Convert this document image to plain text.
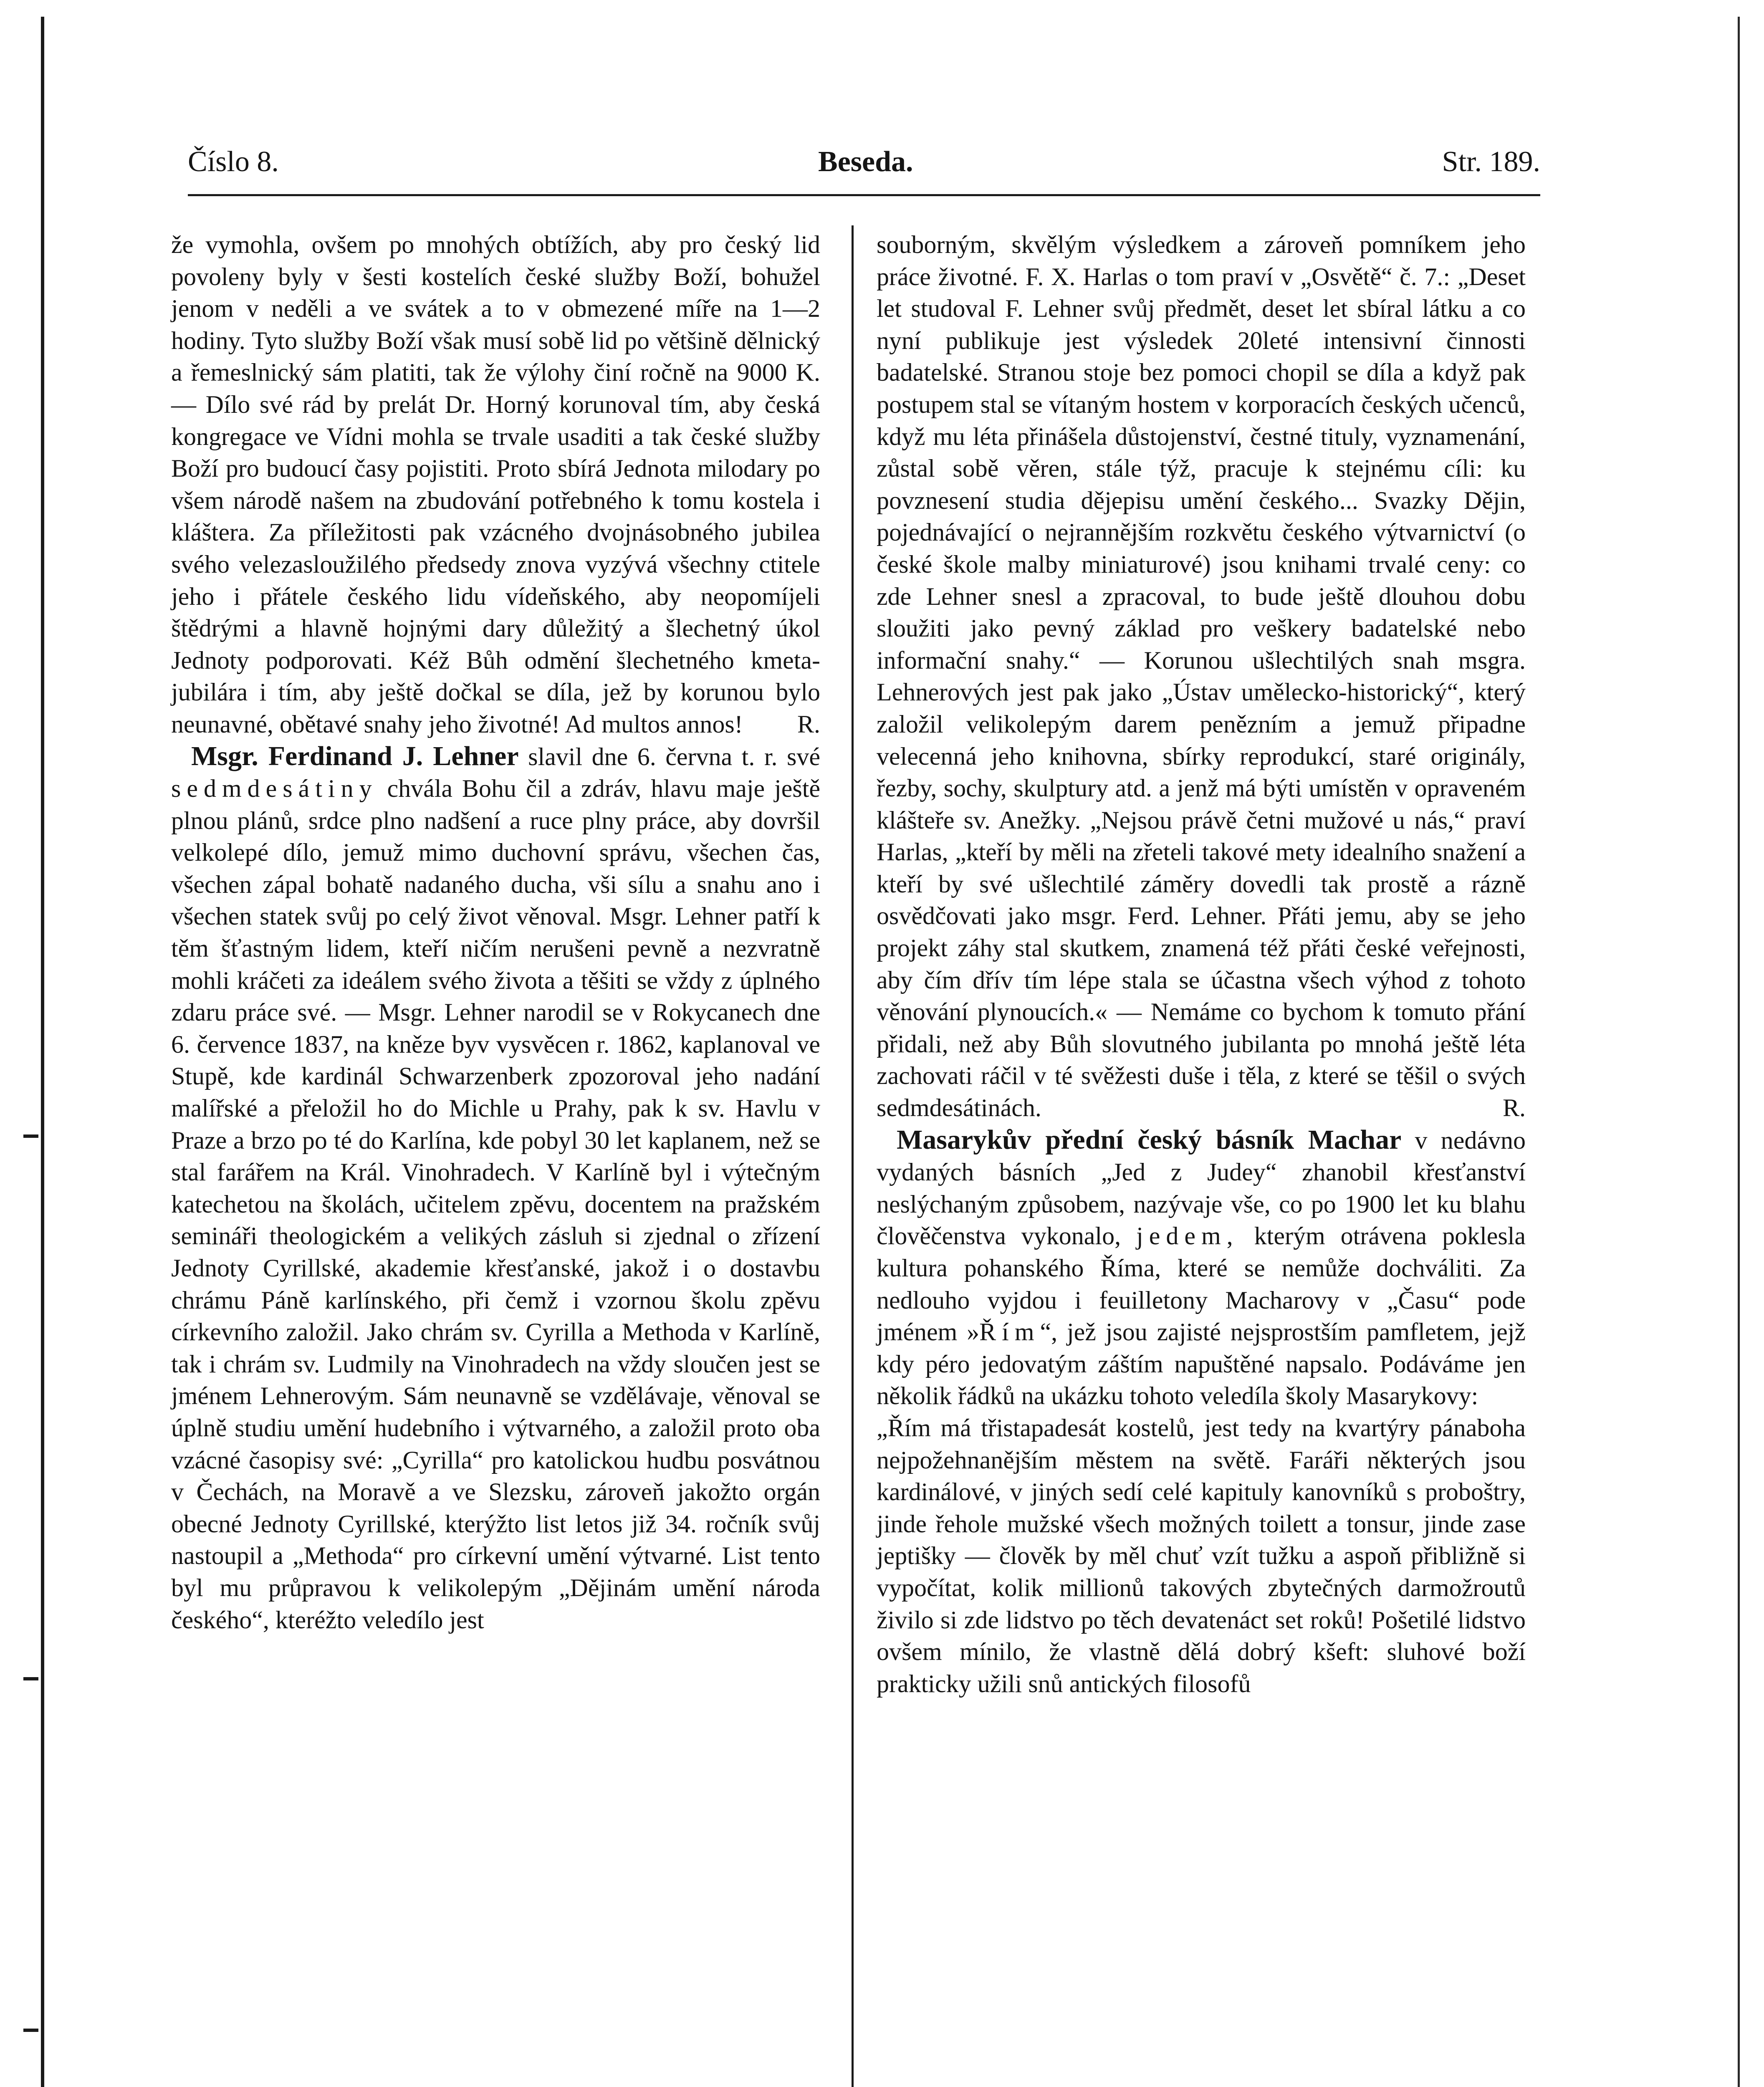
Číslo 8.	Beseda.	Str. 189.

že vymohla, ovšem po mnohých obtížích, aby pro český lid povoleny byly v šesti kostelích české služby Boží, bohužel jenom v neděli a ve svátek a to v obmezené míře na 1—2 hodiny. Tyto služby Boží však musí sobě lid po většině dělnický a řemeslnický sám platiti, tak že výlohy činí ročně na 9000 K. — Dílo své rád by prelát Dr. Horný korunoval tím, aby česká kongregace ve Vídni mohla se trvale usaditi a tak české služby Boží pro budoucí časy pojistiti. Proto sbírá Jednota milodary po všem národě našem na zbudování potřebného k tomu kostela i kláštera. Za příležitosti pak vzácného dvojnásobného jubilea svého velezasloužilého předsedy znova vyzývá všechny ctitele jeho i přátele českého lidu vídeňského, aby neopomíjeli štědrými a hlavně hojnými dary důležitý a šlechetný úkol Jednoty podporovati. Kéž Bůh odmění šlechetného kmeta-jubilára i tím, aby ještě dočkal se díla, jež by korunou bylo neunavné, obětavé snahy jeho životné! Ad multos annos! R.

Msgr. Ferdinand J. Lehner slavil dne 6. června t. r. své sedmdesátiny chvála Bohu čil a zdráv, hlavu maje ještě plnou plánů, srdce plno nadšení a ruce plny práce, aby dovršil velkolepé dílo, jemuž mimo duchovní správu, všechen čas, všechen zápal bohatě nadaného ducha, vši sílu a snahu ano i všechen statek svůj po celý život věnoval. Msgr. Lehner patří k těm šťastným lidem, kteří ničím nerušeni pevně a nezvratně mohli kráčeti za ideálem svého života a těšiti se vždy z úplného zdaru práce své. — Msgr. Lehner narodil se v Rokycanech dne 6. července 1837, na kněze byv vysvěcen r. 1862, kaplanoval ve Stupě, kde kardinál Schwarzenberk zpozoroval jeho nadání malířské a přeložil ho do Michle u Prahy, pak k sv. Havlu v Praze a brzo po té do Karlína, kde pobyl 30 let kaplanem, než se stal farářem na Král. Vinohradech. V Karlíně byl i výtečným katechetou na školách, učitelem zpěvu, docentem na pražském semináři theologickém a velikých zásluh si zjednal o zřízení Jednoty Cyrillské, akademie křesťanské, jakož i o dostavbu chrámu Páně karlínského, při čemž i vzornou školu zpěvu církevního založil. Jako chrám sv. Cyrilla a Methoda v Karlíně, tak i chrám sv. Ludmily na Vinohradech na vždy sloučen jest se jménem Lehnerovým. Sám neunavně se vzdělávaje, věnoval se úplně studiu umění hudebního i výtvarného, a založil proto oba vzácné časopisy své: „Cyrilla“ pro katolickou hudbu posvátnou v Čechách, na Moravě a ve Slezsku, zároveň jakožto orgán obecné Jednoty Cyrillské, kterýžto list letos již 34. ročník svůj nastoupil a „Methoda“ pro církevní umění výtvarné. List tento byl mu průpravou k velikolepým „Dějinám umění národa českého“, kteréžto veledílo jest

souborným, skvělým výsledkem a zároveň pomníkem jeho práce životné. F. X. Harlas o tom praví v „Osvětě“ č. 7.: „Deset let studoval F. Lehner svůj předmět, deset let sbíral látku a co nyní publikuje jest výsledek 20leté intensivní činnosti badatelské. Stranou stoje bez pomoci chopil se díla a když pak postupem stal se vítaným hostem v korporacích českých učenců, když mu léta přinášela důstojenství, čestné tituly, vyznamenání, zůstal sobě věren, stále týž, pracuje k stejnému cíli: ku povznesení studia dějepisu umění českého... Svazky Dějin, pojednávající o nejrannějším rozkvětu českého výtvarnictví (o české škole malby miniaturové) jsou knihami trvalé ceny: co zde Lehner snesl a zpracoval, to bude ještě dlouhou dobu sloužiti jako pevný základ pro veškery badatelské nebo informační snahy.“ — Korunou ušlechtilých snah msgra. Lehnerových jest pak jako „Ústav umělecko-historický“, který založil velikolepým darem penězním a jemuž připadne velecenná jeho knihovna, sbírky reprodukcí, staré originály, řezby, sochy, skulptury atd. a jenž má býti umístěn v opraveném klášteře sv. Anežky. „Nejsou právě četni mužové u nás,“ praví Harlas, „kteří by měli na zřeteli takové mety idealního snažení a kteří by své ušlechtilé záměry dovedli tak prostě a rázně osvědčovati jako msgr. Ferd. Lehner. Přáti jemu, aby se jeho projekt záhy stal skutkem, znamená též přáti české veřejnosti, aby čím dřív tím lépe stala se účastna všech výhod z tohoto věnování plynoucích.« — Nemáme co bychom k tomuto přání přidali, než aby Bůh slovutného jubilanta po mnohá ještě léta zachovati ráčil v té svěžesti duše i těla, z které se těšil o svých sedmdesátinách.	R.

Masarykův přední český básník Machar v nedávno vydaných básních „Jed z Judey“ zhanobil křesťanství neslýchaným způsobem, nazývaje vše, co po 1900 let ku blahu člověčenstva vykonalo, jedem, kterým otrávena poklesla kultura pohanského Říma, které se nemůže dochváliti. Za nedlouho vyjdou i feuilletony Macharovy v „Času“ pode jménem »Řím“, jež jsou zajisté nejsprostším pamfletem, jejž kdy péro jedovatým záštím napuštěné napsalo. Podáváme jen několik řádků na ukázku tohoto veledíla školy Masarykovy:

„Řím má třistapadesát kostelů, jest tedy na kvartýry pánaboha nejpožehnanějším městem na světě. Faráři některých jsou kardinálové, v jiných sedí celé kapituly kanovníků s proboštry, jinde řehole mužské všech možných toilett a tonsur, jinde zase jeptišky — člověk by měl chuť vzít tužku a aspoň přibližně si vypočítat, kolik millionů takových zbytečných darmožroutů živilo si zde lidstvo po těch devatenáct set roků! Pošetilé lidstvo ovšem mínilo, že vlastně dělá dobrý kšeft: sluhové boží prakticky užili snů antických filosofů
